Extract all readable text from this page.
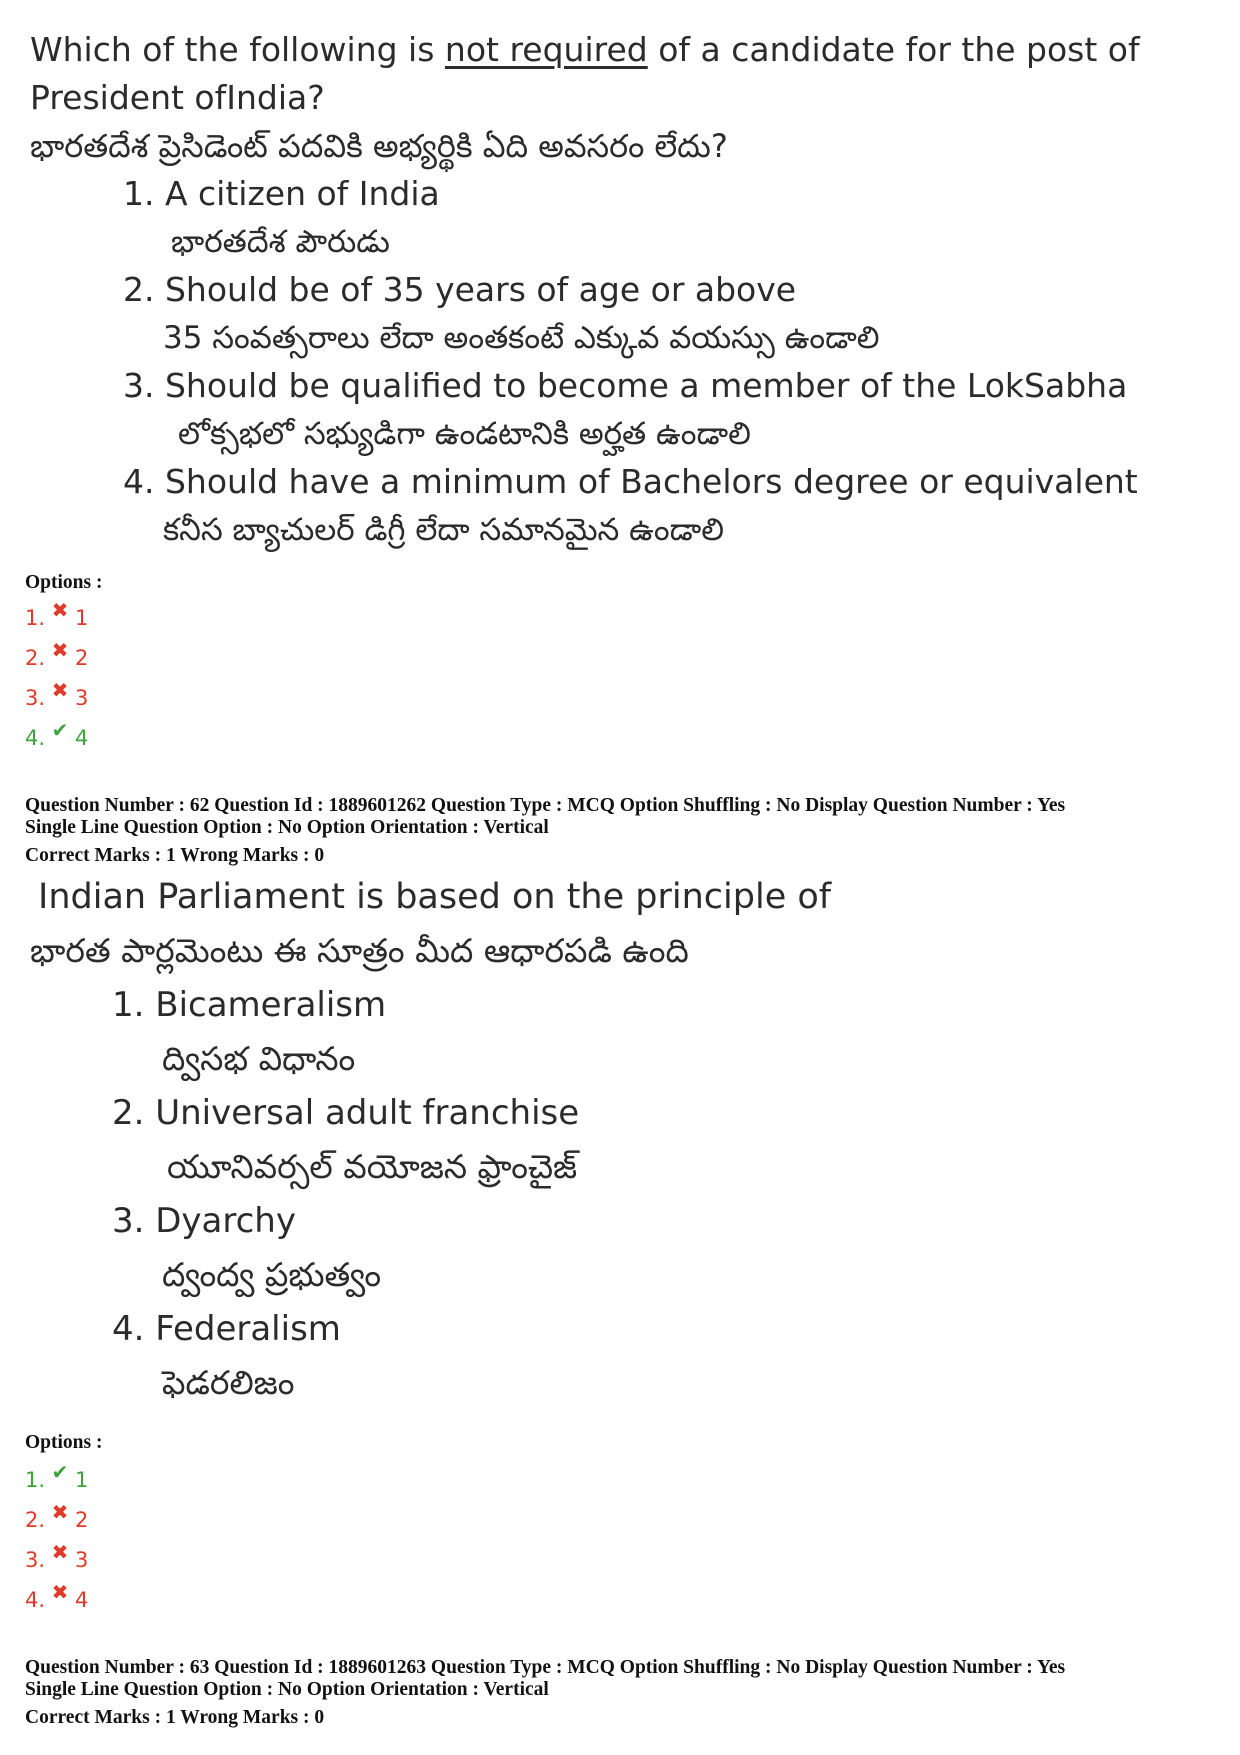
Which of the following is not required of a candidate for the post of
President ofIndia?
భారతదేశ ప్రెసిడెంట్ పదవికి అభ్యర్థికి ఏది అవసరం లేదు?
1. A citizen of India
భారతదేశ పౌరుడు
2. Should be of 35 years of age or above
35 సంవత్సరాలు లేదా అంతకంటే ఎక్కువ వయస్సు ఉండాలి
3. Should be qualified to become a member of the LokSabha
లోక్సభలో సభ్యుడిగా ఉండటానికి అర్హత ఉండాలి
4. Should have a minimum of Bachelors degree or equivalent
కనీస బ్యాచులర్ డిగ్రీ లేదా సమానమైన ఉండాలి
Options :
1. ✖ 1
2. ✖ 2
3. ✖ 3
4. ✔ 4
Question Number : 62 Question Id : 1889601262 Question Type : MCQ Option Shuffling : No Display Question Number : Yes
Single Line Question Option : No Option Orientation : Vertical
Correct Marks : 1 Wrong Marks : 0
Indian Parliament is based on the principle of
భారత పార్లమెంటు ఈ సూత్రం మీద ఆధారపడి ఉంది
1. Bicameralism
ద్విసభ విధానం
2. Universal adult franchise
యూనివర్సల్ వయోజన ఫ్రాంచైజ్
3. Dyarchy
ద్వంద్వ ప్రభుత్వం
4. Federalism
ఫెడరలిజం
Options :
1. ✔ 1
2. ✖ 2
3. ✖ 3
4. ✖ 4
Question Number : 63 Question Id : 1889601263 Question Type : MCQ Option Shuffling : No Display Question Number : Yes
Single Line Question Option : No Option Orientation : Vertical
Correct Marks : 1 Wrong Marks : 0
